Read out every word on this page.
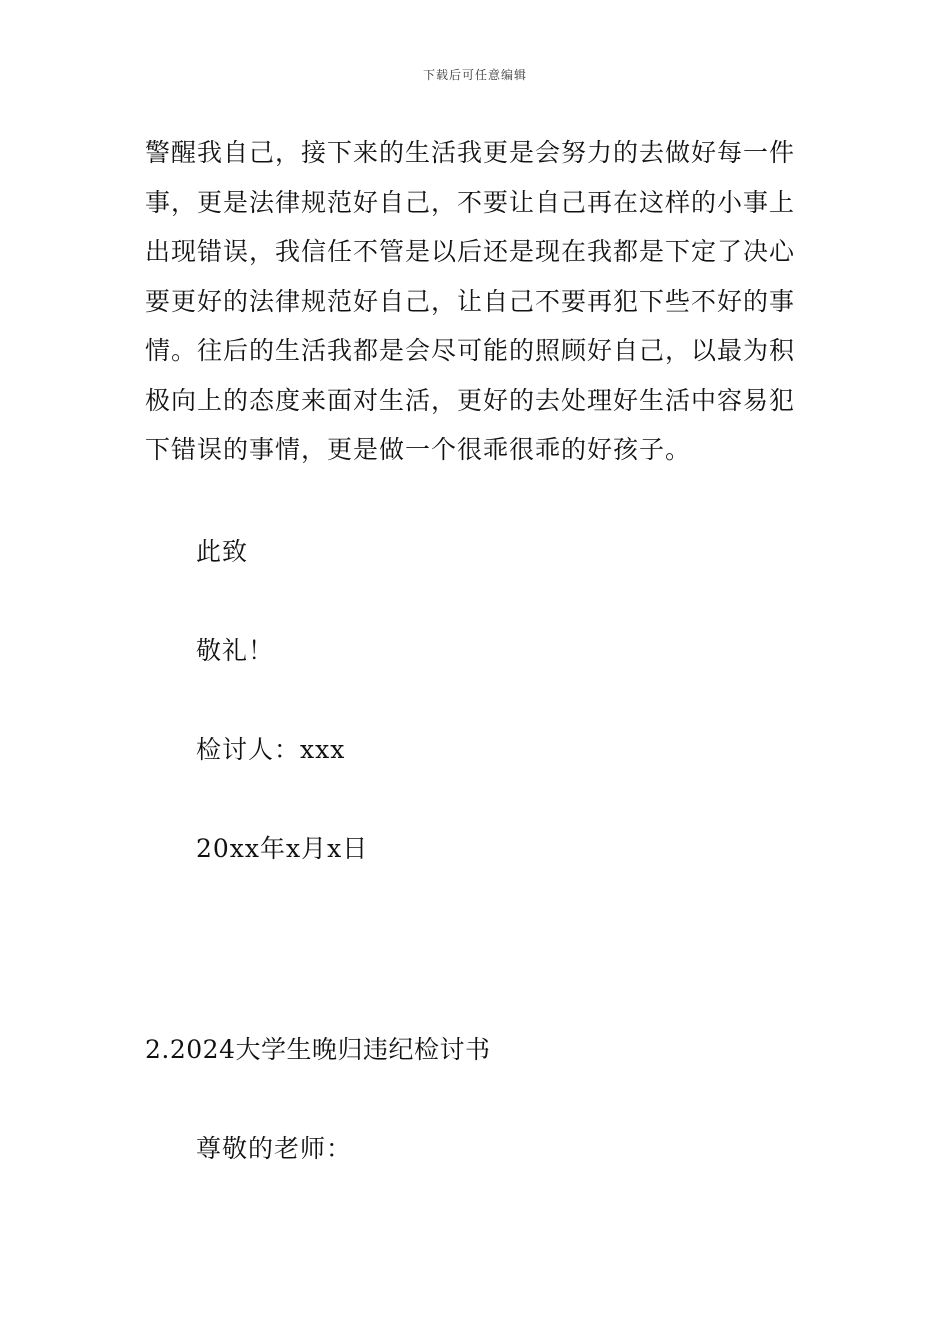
下载后可任意编辑
警醒我自己，接下来的生活我更是会努力的去做好每一件
事，更是法律规范好自己，不要让自己再在这样的小事上
出现错误，我信任不管是以后还是现在我都是下定了决心
要更好的法律规范好自己，让自己不要再犯下些不好的事
情。往后的生活我都是会尽可能的照顾好自己，以最为积
极向上的态度来面对生活，更好的去处理好生活中容易犯
下错误的事情，更是做一个很乖很乖的好孩子。

此致

敬礼！

检讨人：xxx

20xx年x月x日

2.2024大学生晚归违纪检讨书

尊敬的老师：
